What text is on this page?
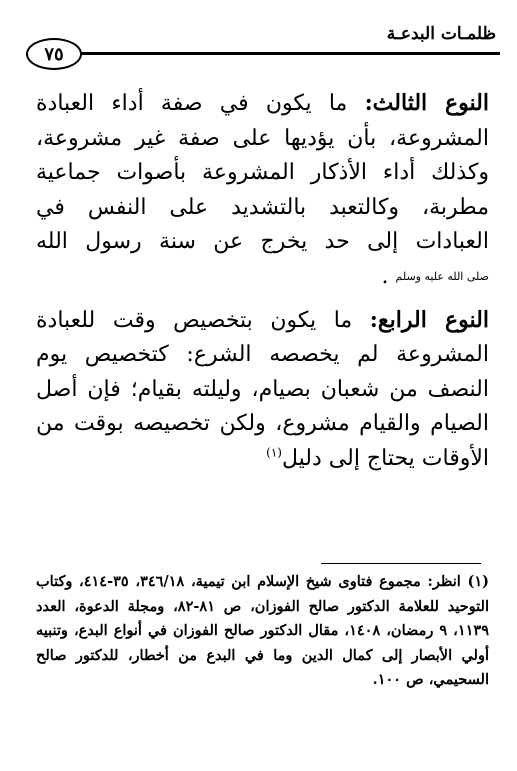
٧٥
ظلمـات البدعـة

النوع الثالث: ما يكون في صفة أداء العبادة المشروعة، بأن يؤديها على صفة غير مشروعة، وكذلك أداء الأذكار المشروعة بأصوات جماعية مطربة، وكالتعبد بالتشديد على النفس في العبادات إلى حد يخرج عن سنة رسول الله صلى الله عليه وسلم .

النوع الرابع: ما يكون بتخصيص وقت للعبادة المشروعة لم يخصصه الشرع: كتخصيص يوم النصف من شعبان بصيام، وليلته بقيام؛ فإن أصل الصيام والقيام مشروع، ولكن تخصيصه بوقت من الأوقات يحتاج إلى دليل$^{(١)}$

(١) انظر: مجموع فتاوى شيخ الإسلام ابن تيمية، ٣٤٦/١٨، ٣٥-٤١٤، وكتاب التوحيد للعلامة الدكتور صالح الفوزان، ص ٨١-٨٢، ومجلة الدعوة، العدد ١١٣٩، ٩ رمضان، ١٤٠٨، مقال الدكتور صالح الفوزان في أنواع البدع، وتنبيه أولي الأبصار إلى كمال الدين وما في البدع من أخطار، للدكتور صالح السحيمي، ص ١٠٠.
